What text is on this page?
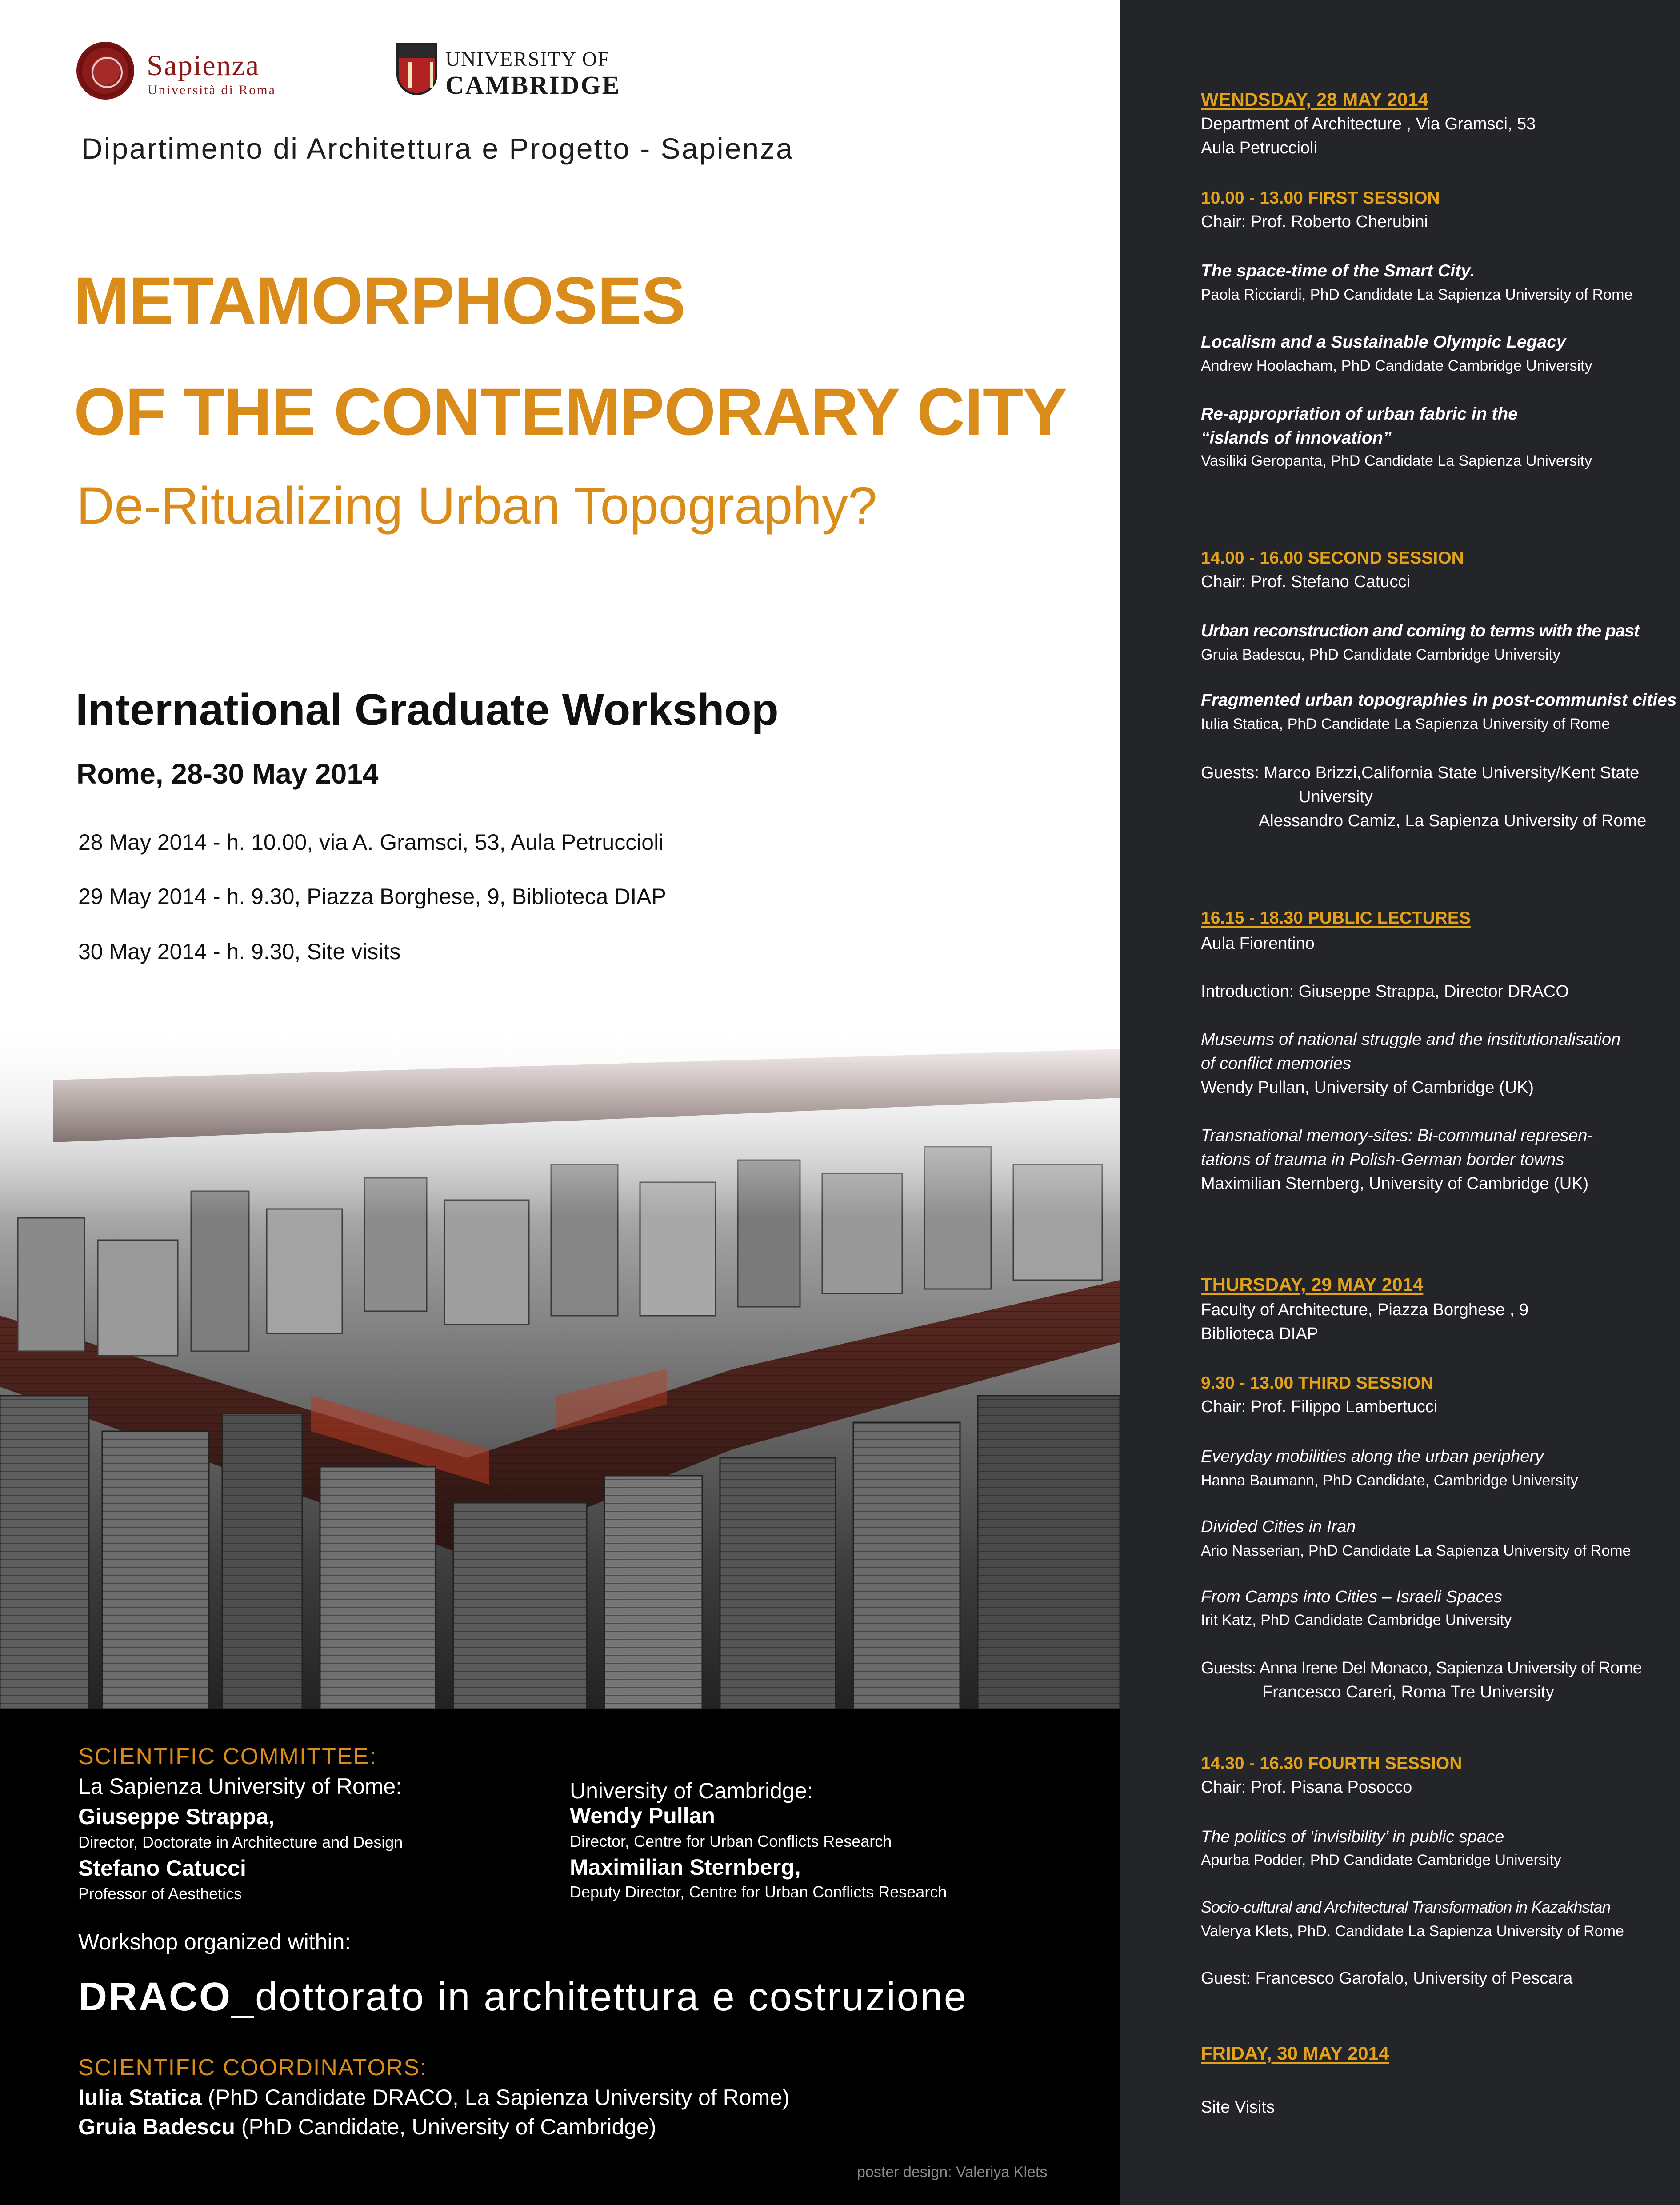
Sapienza
Università di Roma
UNIVERSITY OF
CAMBRIDGE
Dipartimento di Architettura e Progetto - Sapienza
METAMORPHOSES
OF THE CONTEMPORARY CITY
De-Ritualizing Urban Topography?
International Graduate Workshop
Rome, 28-30 May 2014
28 May 2014 - h. 10.00, via A. Gramsci, 53, Aula Petruccioli
29 May 2014 - h. 9.30, Piazza Borghese, 9, Biblioteca DIAP
30 May 2014 - h. 9.30, Site visits
SCIENTIFIC COMMITTEE:
La Sapienza University of Rome:
Giuseppe Strappa,
Director, Doctorate in Architecture and Design
Stefano Catucci
Professor of Aesthetics
University of Cambridge:
Wendy Pullan
Director, Centre for Urban Conflicts Research
Maximilian Sternberg,
Deputy Director, Centre for Urban Conflicts Research
Workshop organized within:
DRACO_dottorato in architettura e costruzione
SCIENTIFIC COORDINATORS:
Iulia Statica (PhD Candidate DRACO, La Sapienza University of Rome)
Gruia Badescu (PhD Candidate, University of Cambridge)
poster design: Valeriya Klets
WENDSDAY, 28 MAY 2014
Department of Architecture , Via Gramsci, 53
Aula Petruccioli
10.00 - 13.00 FIRST SESSION
Chair: Prof. Roberto Cherubini
The space-time of the Smart City.
Paola Ricciardi, PhD Candidate La Sapienza University of Rome
Localism and a Sustainable Olympic Legacy
Andrew Hoolacham, PhD Candidate Cambridge University
Re-appropriation of urban fabric in the
“islands of innovation”
Vasiliki Geropanta, PhD Candidate La Sapienza University
14.00 - 16.00 SECOND SESSION
Chair: Prof. Stefano Catucci
Urban reconstruction and coming to terms with the past
Gruia Badescu, PhD Candidate Cambridge University
Fragmented urban topographies in post-communist cities
Iulia Statica, PhD Candidate La Sapienza University of Rome
Guests: Marco Brizzi,California State University/Kent State
University
Alessandro Camiz, La Sapienza University of Rome
16.15 - 18.30 PUBLIC LECTURES
Aula Fiorentino
Introduction: Giuseppe Strappa, Director DRACO
Museums of national struggle and the institutionalisation
of conflict memories
Wendy Pullan, University of Cambridge (UK)
Transnational memory-sites: Bi-communal represen-
tations of trauma in Polish-German border towns
Maximilian Sternberg, University of Cambridge (UK)
THURSDAY, 29 MAY 2014
Faculty of Architecture, Piazza Borghese , 9
Biblioteca DIAP
9.30 - 13.00 THIRD SESSION
Chair: Prof. Filippo Lambertucci
Everyday mobilities along the urban periphery
Hanna Baumann, PhD Candidate, Cambridge University
Divided Cities in Iran
Ario Nasserian, PhD Candidate La Sapienza University of Rome
From Camps into Cities – Israeli Spaces
Irit Katz, PhD Candidate Cambridge University
Guests: Anna Irene Del Monaco, Sapienza University of Rome
Francesco Careri, Roma Tre University
14.30 - 16.30 FOURTH SESSION
Chair: Prof. Pisana Posocco
The politics of ‘invisibility’ in public space
Apurba Podder, PhD Candidate Cambridge University
Socio-cultural and Architectural Transformation in Kazakhstan
Valerya Klets, PhD. Candidate La Sapienza University of Rome
Guest: Francesco Garofalo, University of Pescara
FRIDAY, 30 MAY 2014
Site Visits
